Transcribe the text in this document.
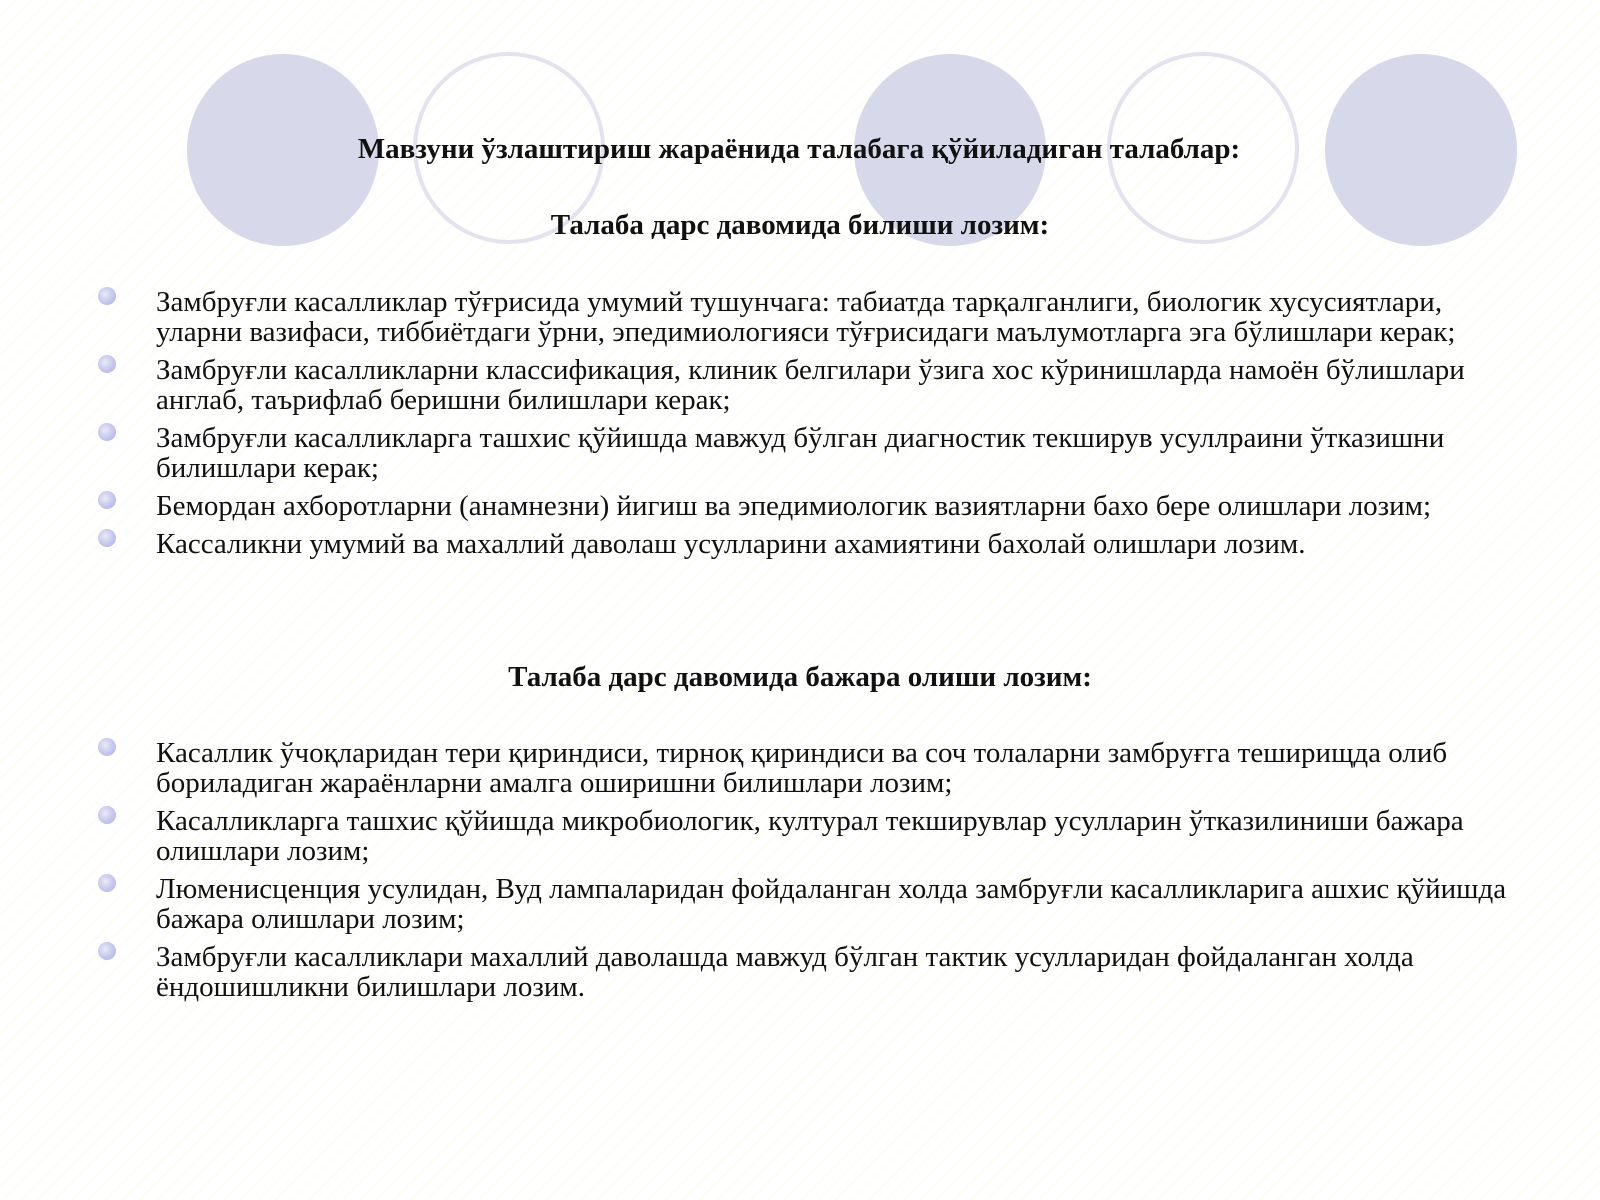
Мавзуни ўзлаштириш жараёнида талабага қўйиладиган талаблар:
Талаба дарс давомида билиши лозим:
Замбруғли касалликлар тўғрисида умумий тушунчага: табиатда тарқалганлиги, биологик хусусиятлари, уларни вазифаси, тиббиётдаги ўрни, эпедимиологияси тўғрисидаги маълумотларга эга бўлишлари керак;
Замбруғли касалликларни классификация, клиник белгилари ўзига хос кўринишларда намоён бўлишлари англаб, таърифлаб беришни билишлари керак;
Замбруғли касалликларга ташхис қўйишда мавжуд бўлган диагностик текширув усуллраини ўтказишни билишлари керак;
Бемордан ахборотларни (анамнезни) йигиш ва эпедимиологик вазиятларни бахо бере олишлари лозим;
Кассаликни умумий ва махаллий даволаш усулларини ахамиятини бахолай олишлари лозим.
Талаба дарс давомида бажара олиши лозим:
Касаллик ўчоқларидан тери қириндиси, тирноқ қириндиси ва соч толаларни замбруғга теширищда олиб бориладиган жараёнларни амалга оширишни билишлари лозим;
Касалликларга ташхис қўйишда микробиологик, културал текширувлар усулларин ўтказилиниши бажара олишлари лозим;
Люменисценция усулидан, Вуд лампаларидан фойдаланган холда замбруғли касалликларига ашхис қўйишда бажара олишлари лозим;
Замбруғли касалликлари махаллий даволашда мавжуд бўлган тактик усулларидан фойдаланган холда ёндошишликни билишлари лозим.
